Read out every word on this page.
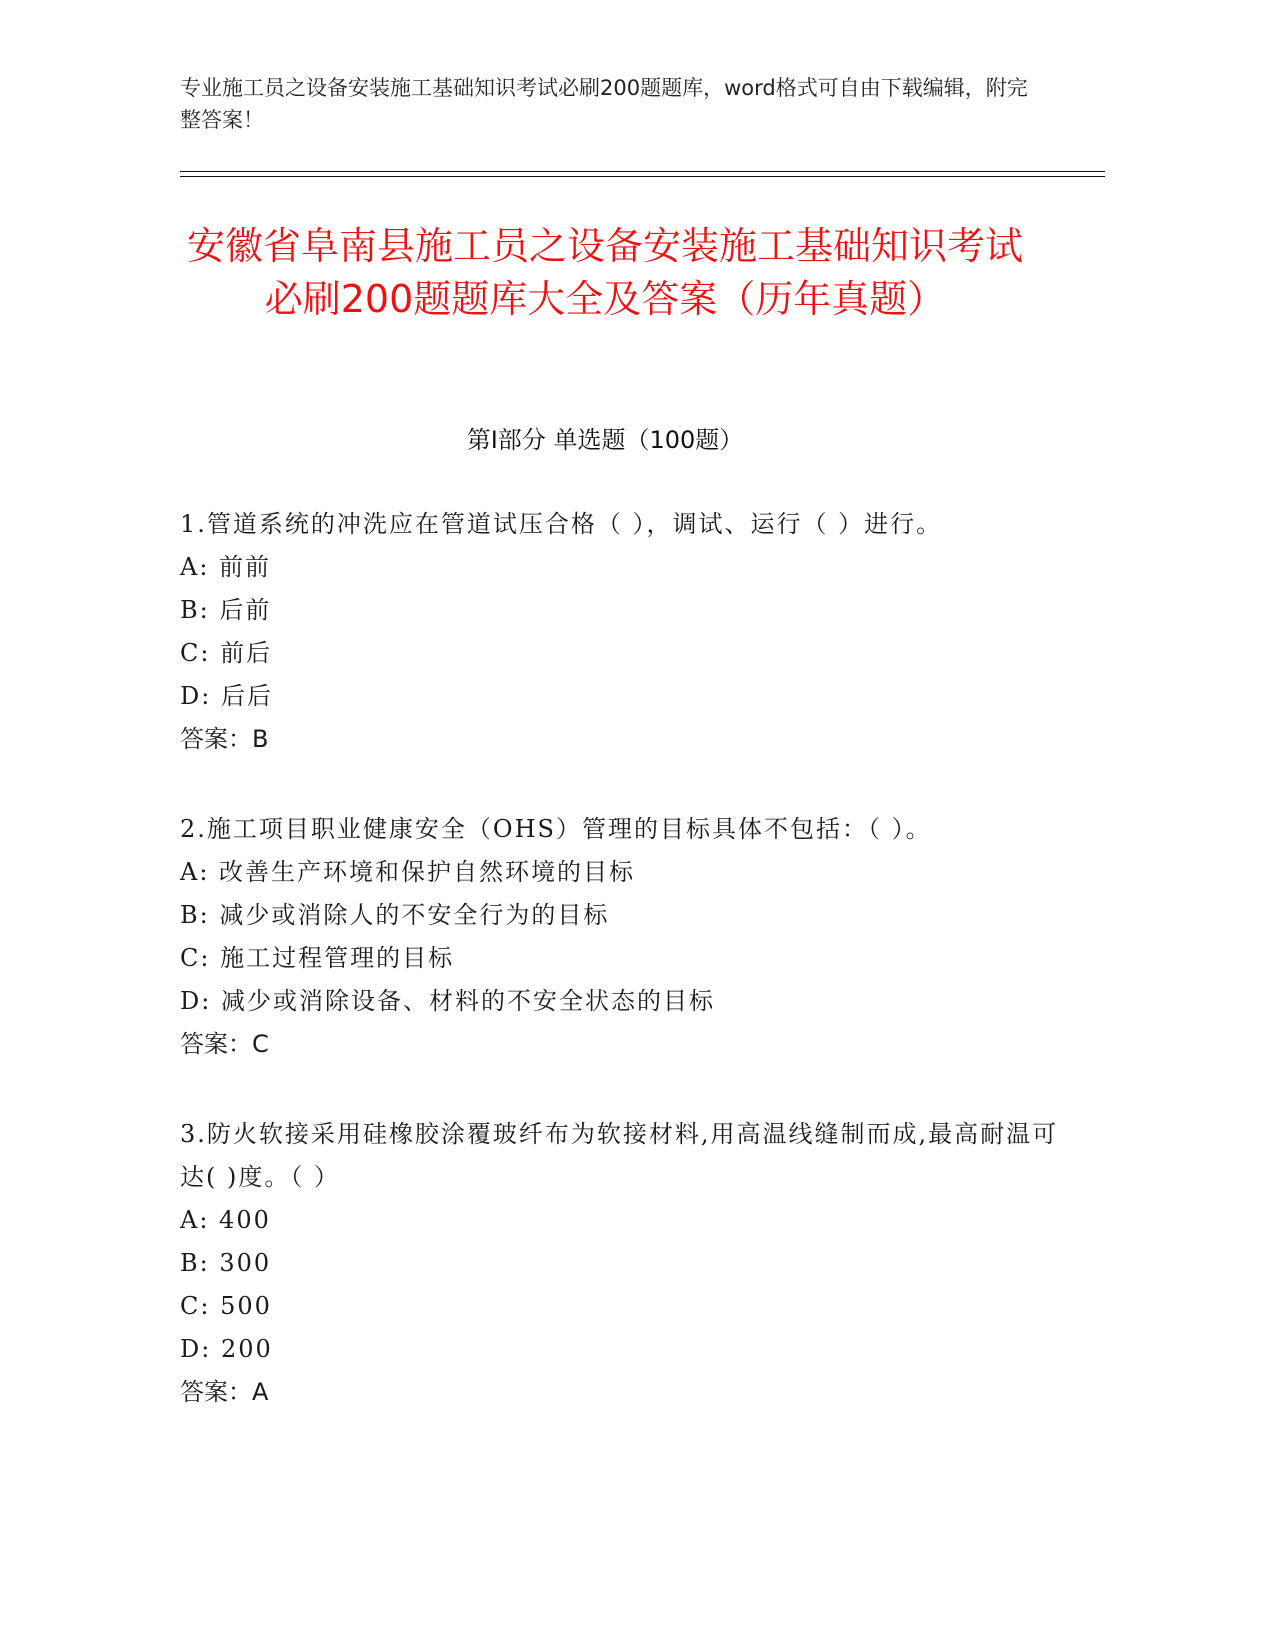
专业施工员之设备安装施工基础知识考试必刷200题题库，word格式可自由下载编辑，附完整答案！
安徽省阜南县施工员之设备安装施工基础知识考试必刷200题题库大全及答案（历年真题）
第Ⅰ部分 单选题（100题）

1.管道系统的冲洗应在管道试压合格（ ），调试、运行（ ）进行。

A: 前前

B: 后前

C: 前后

D: 后后

答案：B

2.施工项目职业健康安全（OHS）管理的目标具体不包括：（ ）。

A: 改善生产环境和保护自然环境的目标

B: 减少或消除人的不安全行为的目标

C: 施工过程管理的目标

D: 减少或消除设备、材料的不安全状态的目标

答案：C

3.防火软接采用硅橡胶涂覆玻纤布为软接材料,用高温线缝制而成,最高耐温可达( )度。（ ）

A: 400

B: 300

C: 500

D: 200

答案：A
